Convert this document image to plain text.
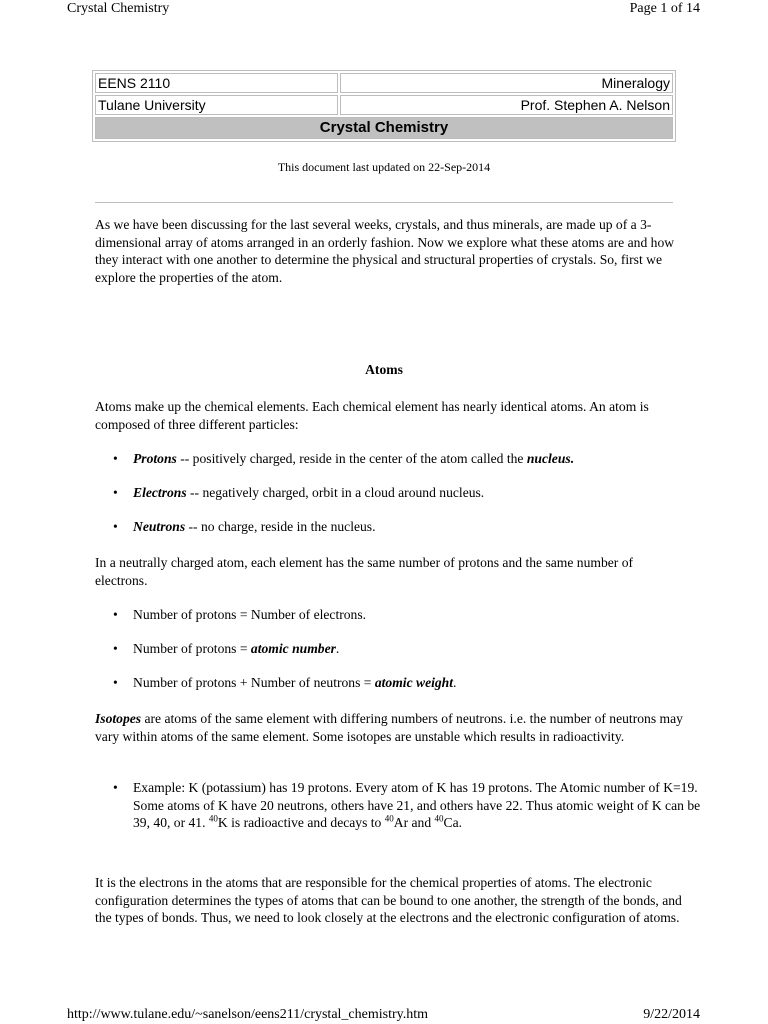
Crystal Chemistry	Page 1 of 14
EENS 2110	Mineralogy
Tulane University	Prof. Stephen A. Nelson
Crystal Chemistry	
This document last updated on 22-Sep-2014
As we have been discussing for the last several weeks, crystals, and thus minerals, are made up of a 3-dimensional array of atoms arranged in an orderly fashion. Now we explore what these atoms are and how they interact with one another to determine the physical and structural properties of crystals. So, first we explore the properties of the atom.
Atoms
Atoms make up the chemical elements. Each chemical element has nearly identical atoms. An atom is composed of three different particles:
• Protons -- positively charged, reside in the center of the atom called the nucleus.
• Electrons -- negatively charged, orbit in a cloud around nucleus.
• Neutrons -- no charge, reside in the nucleus.
In a neutrally charged atom, each element has the same number of protons and the same number of electrons.
• Number of protons = Number of electrons.
• Number of protons = atomic number.
• Number of protons + Number of neutrons = atomic weight.
Isotopes are atoms of the same element with differing numbers of neutrons. i.e. the number of neutrons may vary within atoms of the same element. Some isotopes are unstable which results in radioactivity.
• Example: K (potassium) has 19 protons. Every atom of K has 19 protons. The Atomic number of K=19. Some atoms of K have 20 neutrons, others have 21, and others have 22. Thus atomic weight of K can be 39, 40, or 41. $^{40}$K is radioactive and decays to $^{40}$Ar and $^{40}$Ca.
It is the electrons in the atoms that are responsible for the chemical properties of atoms. The electronic configuration determines the types of atoms that can be bound to one another, the strength of the bonds, and the types of bonds. Thus, we need to look closely at the electrons and the electronic configuration of atoms.
http://www.tulane.edu/~sanelson/eens211/crystal_chemistry.htm	9/22/2014
